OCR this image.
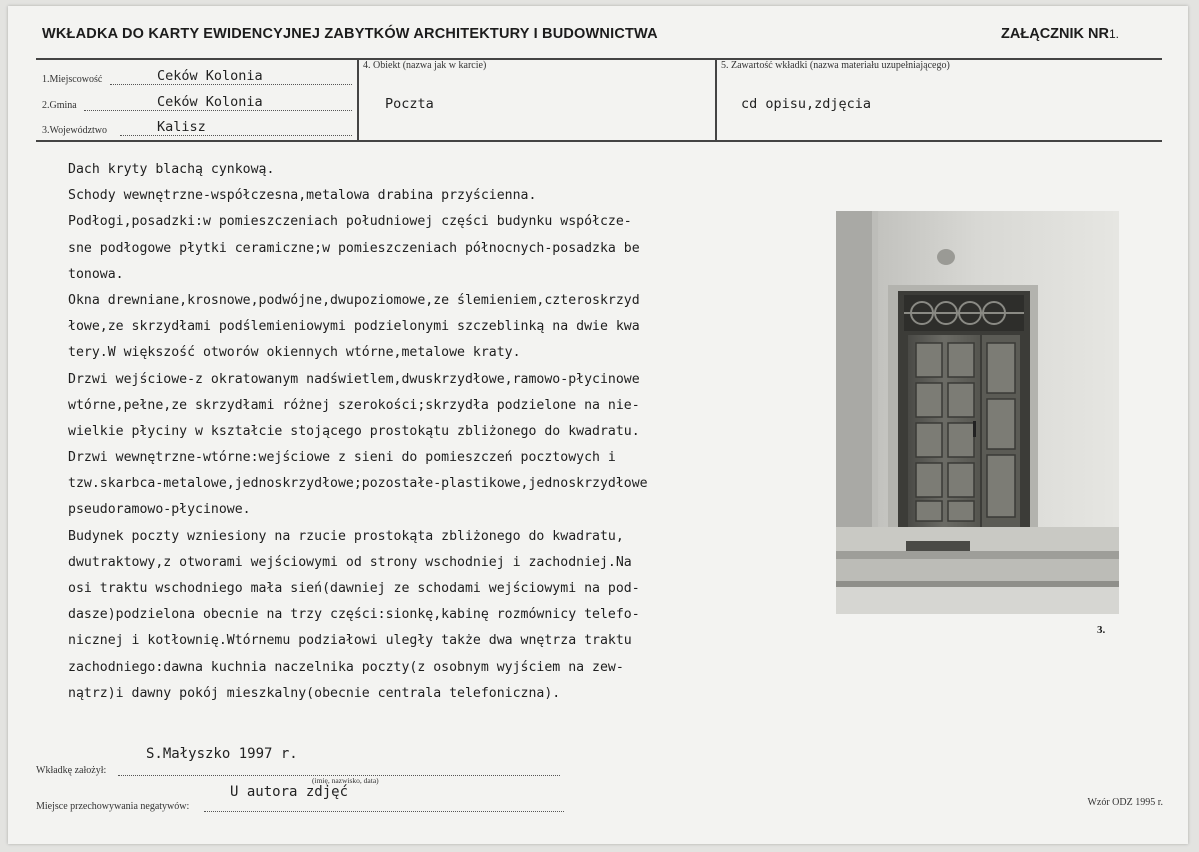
WKŁADKA DO KARTY EWIDENCYJNEJ ZABYTKÓW ARCHITEKTURY I BUDOWNICTWA	ZAŁĄCZNIK NR1.
1.Miejscowość	Ceków Kolonia
2.Gmina	Ceków Kolonia
3.Województwo	Kalisz
4. Obiekt (nazwa jak w karcie)
Poczta
5. Zawartość wkładki (nazwa materiału uzupełniającego)
cd opisu,zdjęcia
Dach kryty blachą cynkową.
Schody wewnętrzne-współczesna,metalowa drabina przyścienna.
Podłogi,posadzki:w pomieszczeniach południowej części budynku współcze-
sne podłogowe płytki ceramiczne;w pomieszczeniach północnych-posadzka be
tonowa.
Okna drewniane,krosnowe,podwójne,dwupoziomowe,ze ślemieniem,czteroskrzyd
łowe,ze skrzydłami podślemieniowymi podzielonymi szczeblinką na dwie kwa
tery.W większość otworów okiennych wtórne,metalowe kraty.
Drzwi wejściowe-z okratowanym nadświetlem,dwuskrzydłowe,ramowo-płycinowe
wtórne,pełne,ze skrzydłami różnej szerokości;skrzydła podzielone na nie-
wielkie płyciny w kształcie stojącego prostokątu zbliżonego do kwadratu.
Drzwi wewnętrzne-wtórne:wejściowe z sieni do pomieszczeń pocztowych i
tzw.skarbca-metalowe,jednoskrzydłowe;pozostałe-plastikowe,jednoskrzydłowe
pseudoramowo-płycinowe.
Budynek poczty wzniesiony na rzucie prostokąta zbliżonego do kwadratu,
dwutraktowy,z otworami wejściowymi od strony wschodniej i zachodniej.Na
osi traktu wschodniego mała sień(dawniej ze schodami wejściowymi na pod-
dasze)podzielona obecnie na trzy części:sionkę,kabinę rozmównicy telefo-
nicznej i kotłownię.Wtórnemu podziałowi uległy także dwa wnętrza traktu
zachodniego:dawna kuchnia naczelnika poczty(z osobnym wyjściem na zew-
nątrz)i dawny pokój mieszkalny(obecnie centrala telefoniczna).
3.
S.Małyszko 1997 r.
Wkładkę założył:
(imię, nazwisko, data)
U autora zdjęć
Miejsce przechowywania negatywów:	Wzór ODZ 1995 r.
